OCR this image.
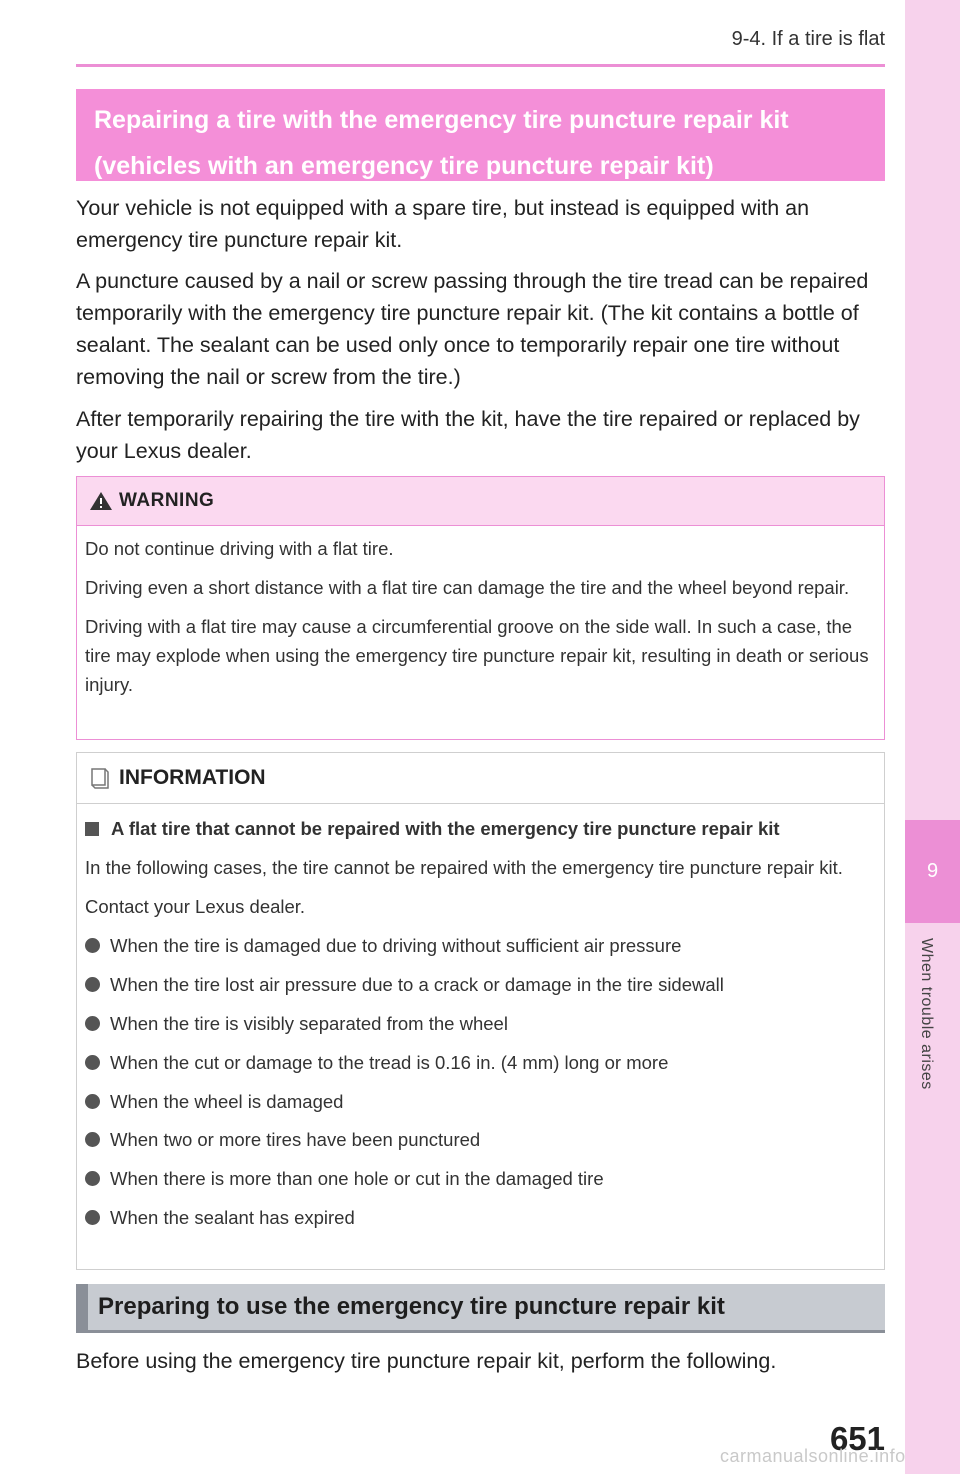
9
When trouble arises
9-4. If a tire is flat
Repairing a tire with the emergency tire puncture repair kit (vehicles with an emergency tire puncture repair kit)

Your vehicle is not equipped with a spare tire, but instead is equipped with an emergency tire puncture repair kit.

A puncture caused by a nail or screw passing through the tire tread can be repaired temporarily with the emergency tire puncture repair kit. (The kit contains a bottle of sealant. The sealant can be used only once to temporarily repair one tire without removing the nail or screw from the tire.)

After temporarily repairing the tire with the kit, have the tire repaired or replaced by your Lexus dealer.

WARNING

Do not continue driving with a flat tire.

Driving even a short distance with a flat tire can damage the tire and the wheel beyond repair.

Driving with a flat tire may cause a circumferential groove on the side wall. In such a case, the tire may explode when using the emergency tire puncture repair kit, resulting in death or serious injury.

INFORMATION
A flat tire that cannot be repaired with the emergency tire puncture repair kit

In the following cases, the tire cannot be repaired with the emergency tire puncture repair kit.

Contact your Lexus dealer.

When the tire is damaged due to driving without sufficient air pressure
When the tire lost air pressure due to a crack or damage in the tire sidewall
When the tire is visibly separated from the wheel
When the cut or damage to the tread is 0.16 in. (4 mm) long or more
When the wheel is damaged
When two or more tires have been punctured
When there is more than one hole or cut in the damaged tire
When the sealant has expired
Preparing to use the emergency tire puncture repair kit

Before using the emergency tire puncture repair kit, perform the following.

651
carmanualsonline.info
